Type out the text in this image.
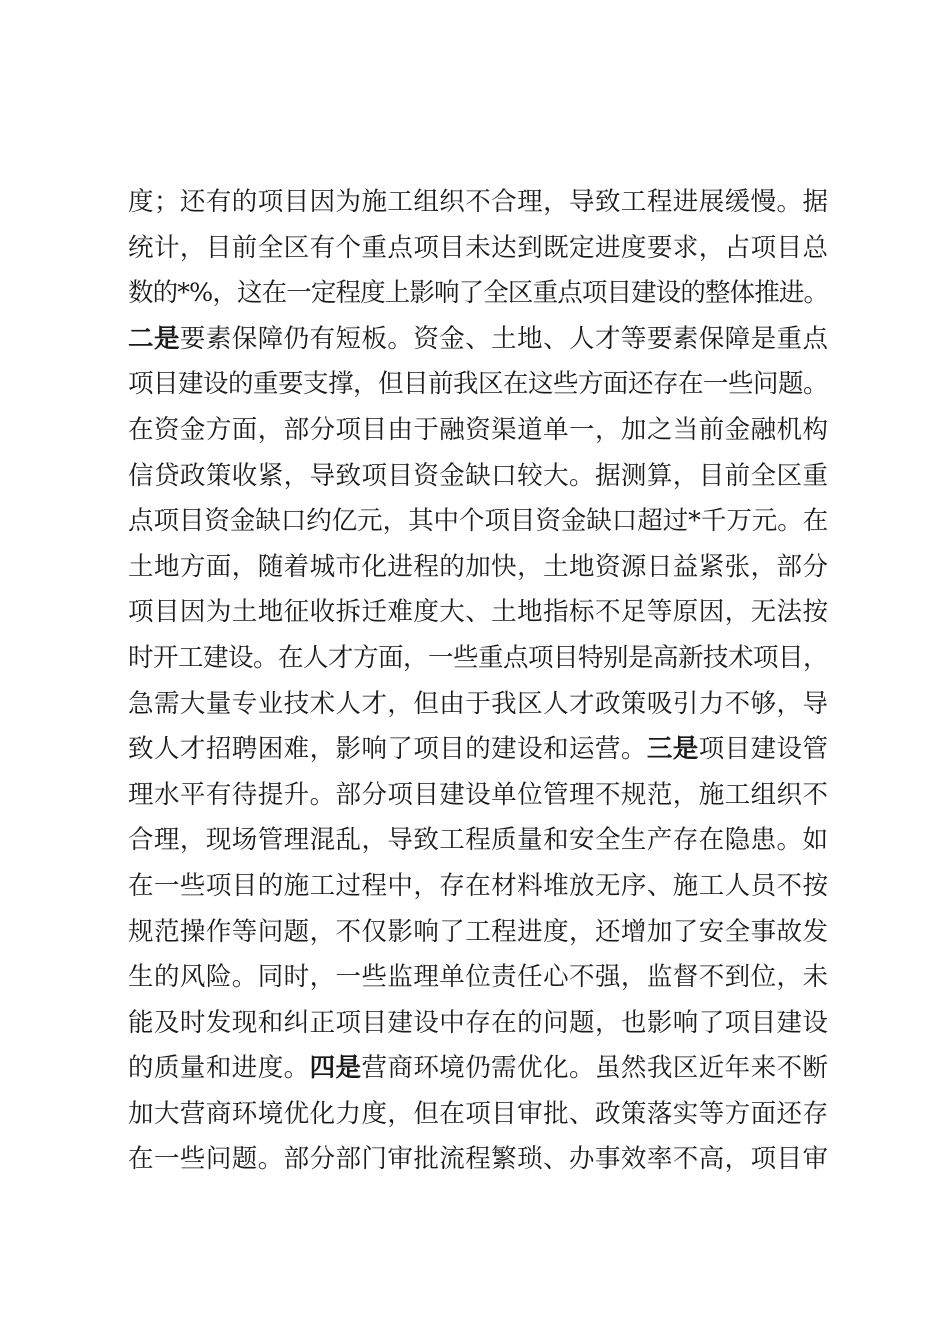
度；还有的项目因为施工组织不合理，导致工程进展缓慢。据
统计，目前全区有个重点项目未达到既定进度要求，占项目总
数的*%，这在一定程度上影响了全区重点项目建设的整体推进。
二是要素保障仍有短板。资金、土地、人才等要素保障是重点
项目建设的重要支撑，但目前我区在这些方面还存在一些问题。
在资金方面，部分项目由于融资渠道单一，加之当前金融机构
信贷政策收紧，导致项目资金缺口较大。据测算，目前全区重
点项目资金缺口约亿元，其中个项目资金缺口超过*千万元。在
土地方面，随着城市化进程的加快，土地资源日益紧张，部分
项目因为土地征收拆迁难度大、土地指标不足等原因，无法按
时开工建设。在人才方面，一些重点项目特别是高新技术项目，
急需大量专业技术人才，但由于我区人才政策吸引力不够，导
致人才招聘困难，影响了项目的建设和运营。三是项目建设管
理水平有待提升。部分项目建设单位管理不规范，施工组织不
合理，现场管理混乱，导致工程质量和安全生产存在隐患。如
在一些项目的施工过程中，存在材料堆放无序、施工人员不按
规范操作等问题，不仅影响了工程进度，还增加了安全事故发
生的风险。同时，一些监理单位责任心不强，监督不到位，未
能及时发现和纠正项目建设中存在的问题，也影响了项目建设
的质量和进度。四是营商环境仍需优化。虽然我区近年来不断
加大营商环境优化力度，但在项目审批、政策落实等方面还存
在一些问题。部分部门审批流程繁琐、办事效率不高，项目审
